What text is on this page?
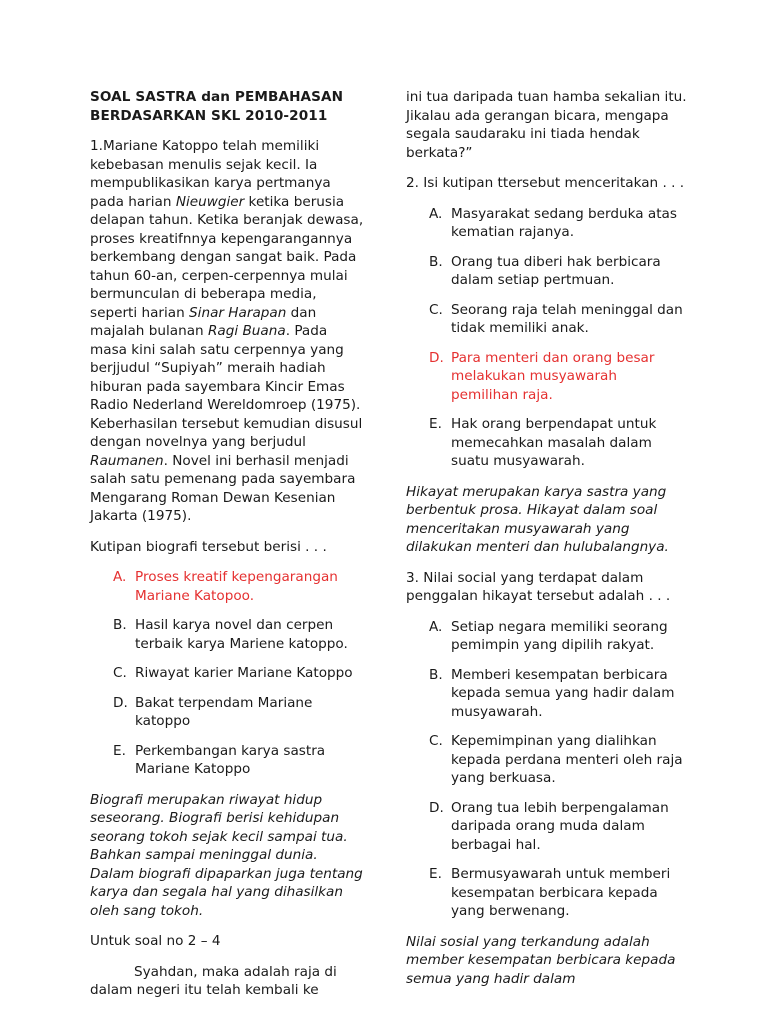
SOAL SASTRA dan PEMBAHASAN
BERDASARKAN SKL 2010-2011

1.Mariane Katoppo telah memiliki kebebasan menulis sejak kecil. Ia mempublikasikan karya pertmanya pada harian Nieuwgier ketika berusia delapan tahun. Ketika beranjak dewasa, proses kreatifnnya kepengarangannya berkembang dengan sangat baik. Pada tahun 60-an, cerpen-cerpennya mulai bermunculan di beberapa media, seperti harian Sinar Harapan dan majalah bulanan Ragi Buana. Pada masa kini salah satu cerpennya yang berjjudul “Supiyah” meraih hadiah hiburan pada sayembara Kincir Emas Radio Nederland Wereldomroep (1975). Keberhasilan tersebut kemudian disusul dengan novelnya yang berjudul Raumanen. Novel ini berhasil menjadi salah satu pemenang pada sayembara Mengarang Roman Dewan Kesenian Jakarta (1975).

Kutipan biografi tersebut berisi . . .

A. Proses kreatif kepengarangan Mariane Katopoo.
B. Hasil karya novel dan cerpen terbaik karya Mariene katoppo.
C. Riwayat karier Mariane Katoppo
D. Bakat terpendam Mariane katoppo
E. Perkembangan karya sastra Mariane Katoppo

Biografi merupakan riwayat hidup seseorang. Biografi berisi kehidupan seorang tokoh sejak kecil sampai tua. Bahkan sampai meninggal dunia. Dalam biografi dipaparkan juga tentang karya dan segala hal yang dihasilkan oleh sang tokoh.

Untuk soal no 2 – 4

Syahdan, maka adalah raja di dalam negeri itu telah kembali ke

ini tua daripada tuan hamba sekalian itu. Jikalau ada gerangan bicara, mengapa segala saudaraku ini tiada hendak berkata?”

2. Isi kutipan ttersebut menceritakan . . .

A. Masyarakat sedang berduka atas kematian rajanya.
B. Orang tua diberi hak berbicara dalam setiap pertmuan.
C. Seorang raja telah meninggal dan tidak memiliki anak.
D. Para menteri dan orang besar melakukan musyawarah pemilihan raja.
E. Hak orang berpendapat untuk memecahkan masalah dalam suatu musyawarah.

Hikayat merupakan karya sastra yang berbentuk prosa. Hikayat dalam soal menceritakan musyawarah yang dilakukan menteri dan hulubalangnya.

3. Nilai social yang terdapat dalam penggalan hikayat tersebut adalah . . .

A. Setiap negara memiliki seorang pemimpin yang dipilih rakyat.
B. Memberi kesempatan berbicara kepada semua yang hadir dalam musyawarah.
C. Kepemimpinan yang dialihkan kepada perdana menteri oleh raja yang berkuasa.
D. Orang tua lebih berpengalaman daripada orang muda dalam berbagai hal.
E. Bermusyawarah untuk memberi kesempatan berbicara kepada yang berwenang.

Nilai sosial yang terkandung adalah member kesempatan berbicara kepada semua yang hadir dalam
